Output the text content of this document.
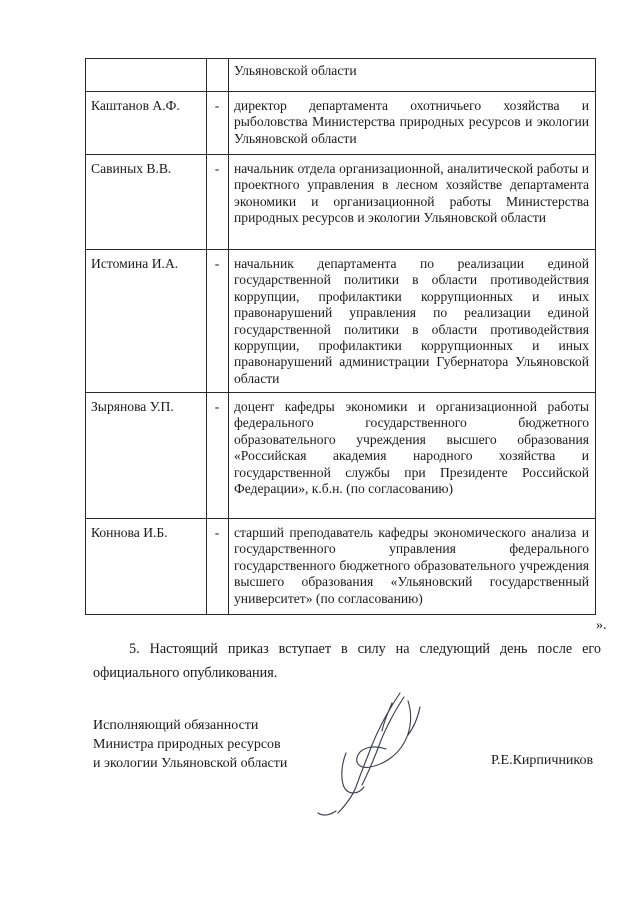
		Ульяновской области
Каштанов А.Ф.	-	директор департамента охотничьего хозяйства и рыболовства Министерства природных ресурсов и экологии Ульяновской области
Савиных В.В.	-	начальник отдела организационной, аналитической работы и проектного управления в лесном хозяйстве департамента экономики и организационной работы Министерства природных ресурсов и экологии Ульяновской области
Истомина И.А.	-	начальник департамента по реализации единой государственной политики в области противодействия коррупции, профилактики коррупционных и иных правонарушений управления по реализации единой государственной политики в области противодействия коррупции, профилактики коррупционных и иных правонарушений администрации Губернатора Ульяновской области
Зырянова У.П.	-	доцент кафедры экономики и организационной работы федерального государственного бюджетного образовательного учреждения высшего образования «Российская академия народного хозяйства и государственной службы при Президенте Российской Федерации», к.б.н. (по согласованию)
Коннова И.Б.	-	старший преподаватель кафедры экономического анализа и государственного управления федерального государственного бюджетного образовательного учреждения высшего образования «Ульяновский государственный университет» (по согласованию)
».
5. Настоящий приказ вступает в силу на следующий день после его официального опубликования.
Исполняющий обязанности
Министра природных ресурсов
и экологии Ульяновской области	Р.Е.Кирпичников
